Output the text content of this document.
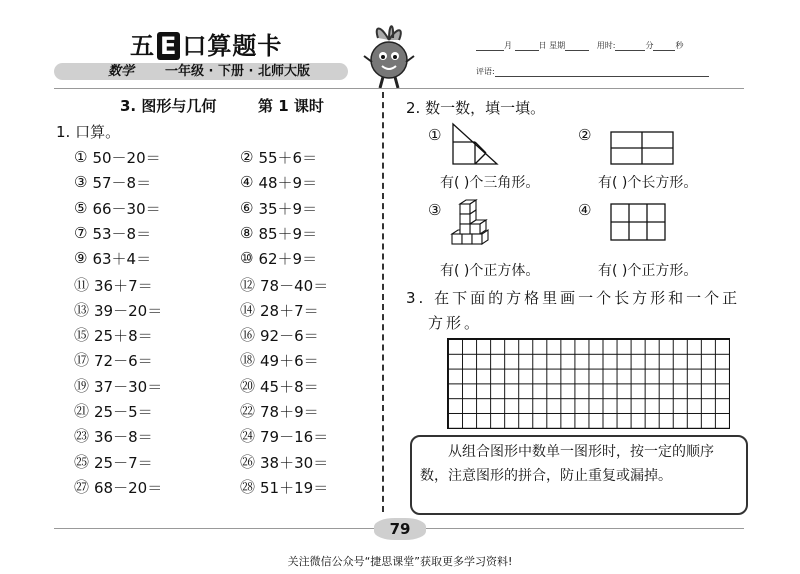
五 E 口算题卡
数学 一年级 · 下册 · 北师大版
月	日 星期	用时:	分	秒
评语:
3. 图形与几何	第 1 课时
1. 口算。
① 50－20＝	② 55＋6＝
③ 57－8＝	④ 48＋9＝
⑤ 66－30＝	⑥ 35＋9＝
⑦ 53－8＝	⑧ 85＋9＝
⑨ 63＋4＝	⑩ 62＋9＝
⑪ 36＋7＝	⑫ 78－40＝
⑬ 39－20＝	⑭ 28＋7＝
⑮ 25＋8＝	⑯ 92－6＝
⑰ 72－6＝	⑱ 49＋6＝
⑲ 37－30＝	⑳ 45＋8＝
㉑ 25－5＝	㉒ 78＋9＝
㉓ 36－8＝	㉔ 79－16＝
㉕ 25－7＝	㉖ 38＋30＝
㉗ 68－20＝	㉘ 51＋19＝
2. 数一数，填一填。
①
有( )个三角形。
②
有( )个长方形。
③
有( )个正方体。
④
有( )个正方形。
3. 在下面的方格里画一个长方形和一个正
方形。
从组合图形中数单一图形时，按一定的顺序数，注意图形的拼合，防止重复或漏掉。
79
关注微信公众号“捷思课堂”获取更多学习资料!
